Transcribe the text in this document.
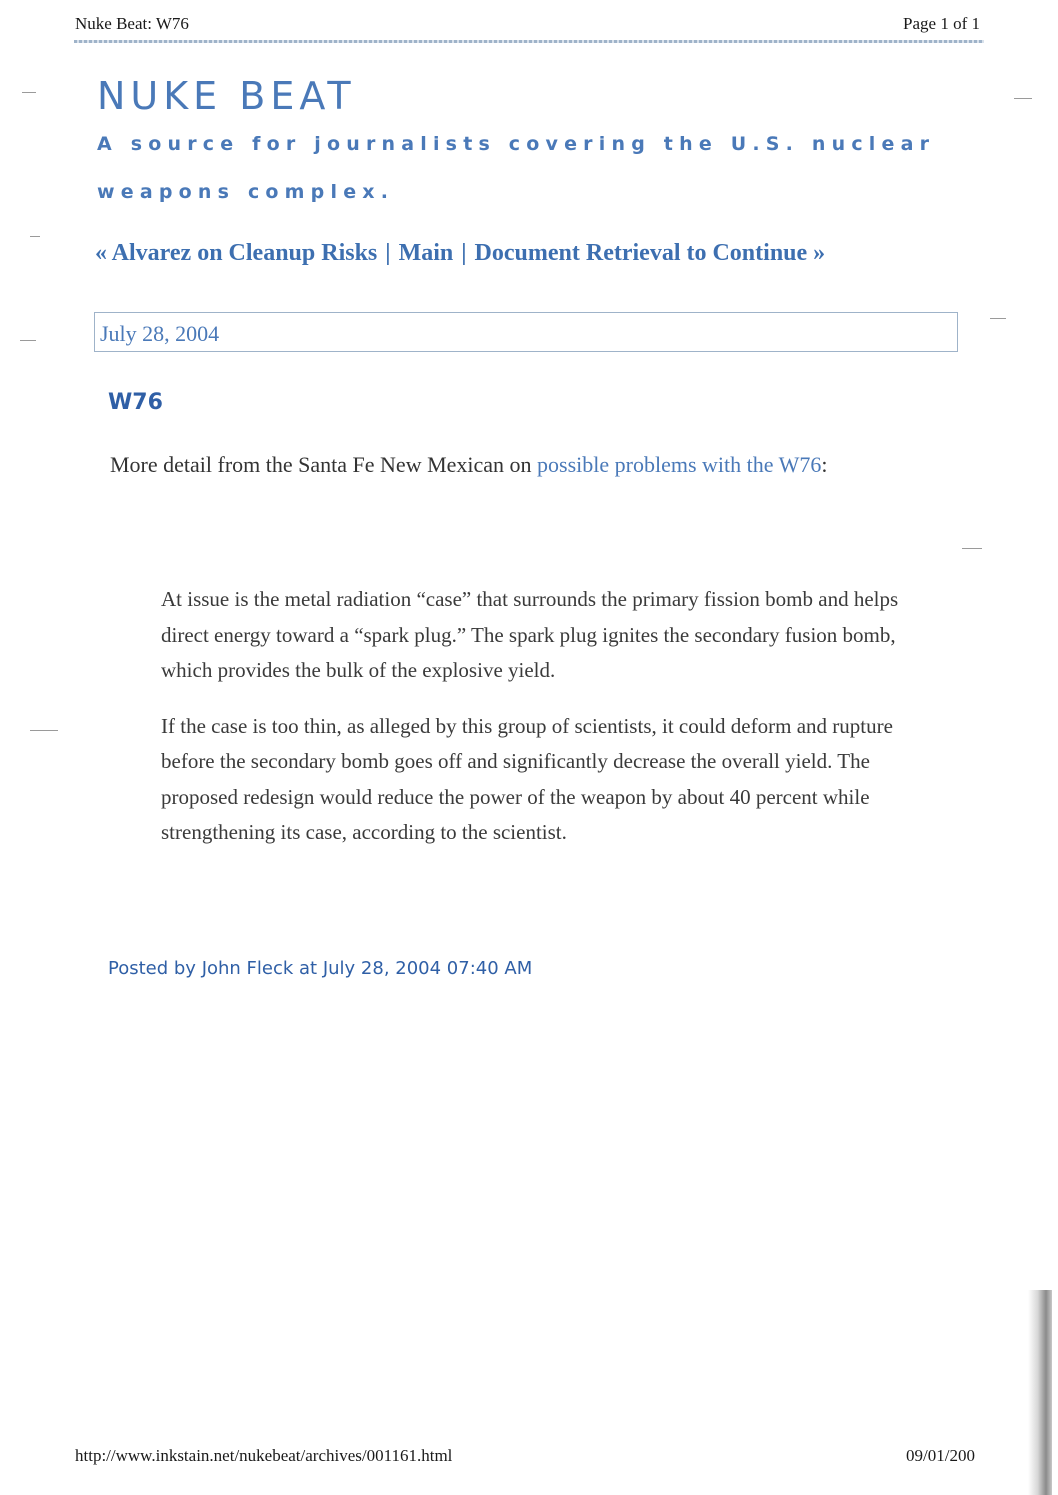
Nuke Beat: W76	Page 1 of 1
NUKE BEAT
A source for journalists covering the U.S. nuclear weapons complex.
« Alvarez on Cleanup Risks | Main | Document Retrieval to Continue »
July 28, 2004
W76
More detail from the Santa Fe New Mexican on possible problems with the W76:

At issue is the metal radiation “case” that surrounds the primary fission bomb and helps direct energy toward a “spark plug.” The spark plug ignites the secondary fusion bomb, which provides the bulk of the explosive yield.

If the case is too thin, as alleged by this group of scientists, it could deform and rupture before the secondary bomb goes off and significantly decrease the overall yield. The proposed redesign would reduce the power of the weapon by about 40 percent while strengthening its case, according to the scientist.

Posted by John Fleck at July 28, 2004 07:40 AM
http://www.inkstain.net/nukebeat/archives/001161.html	09/01/200
